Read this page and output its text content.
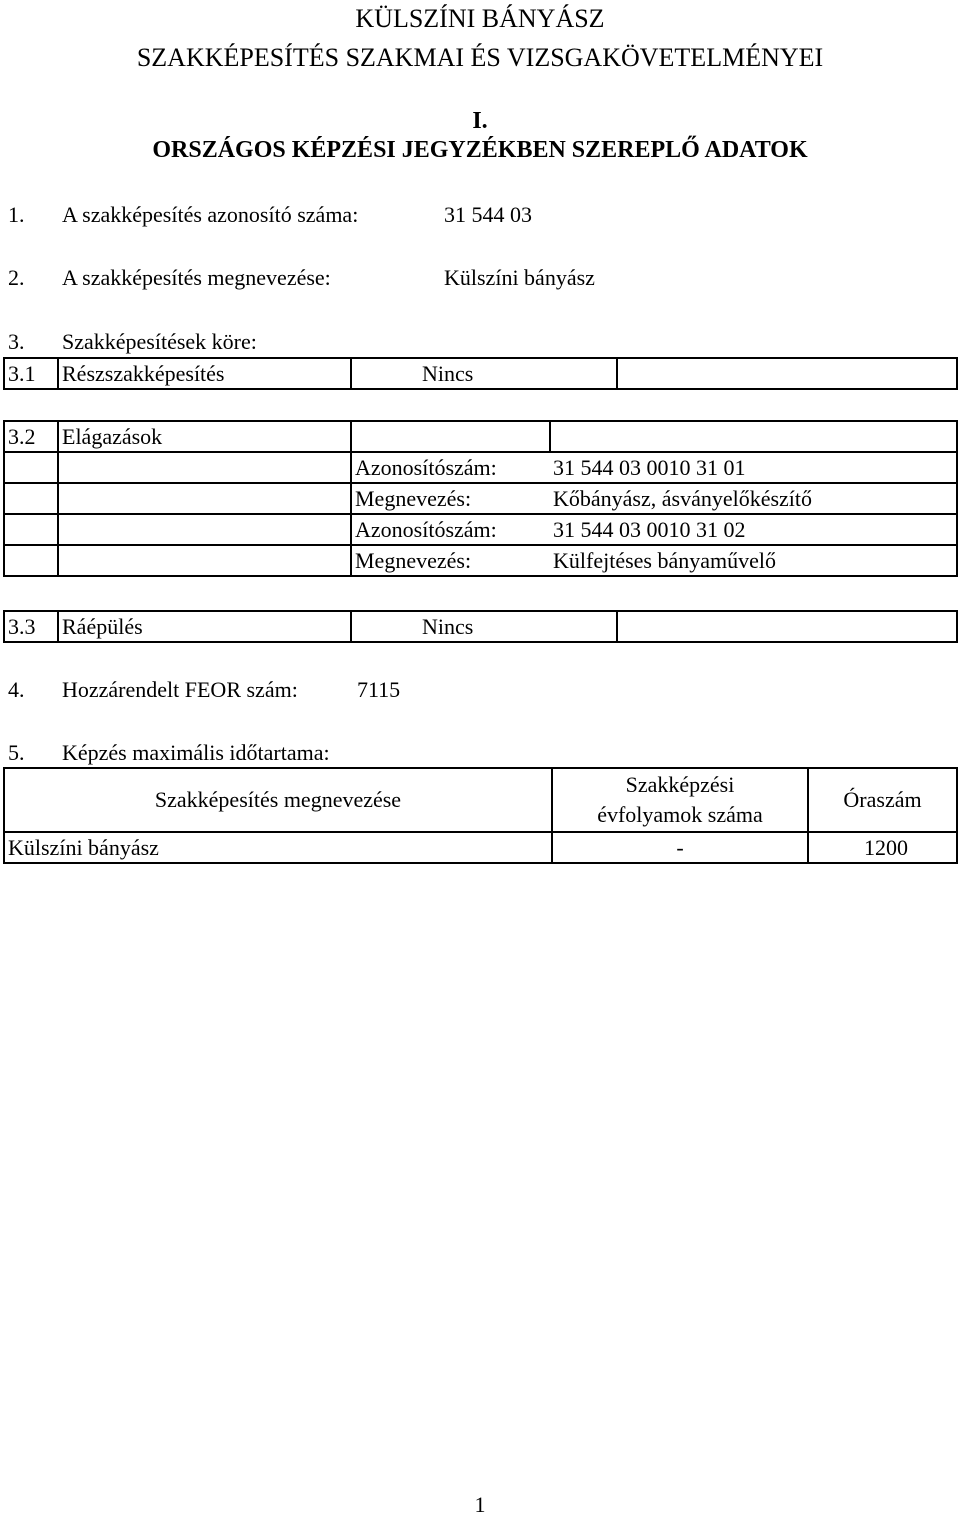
KÜLSZÍNI BÁNYÁSZ
SZAKKÉPESÍTÉS SZAKMAI ÉS VIZSGAKÖVETELMÉNYEI
I.
ORSZÁGOS KÉPZÉSI JEGYZÉKBEN SZEREPLŐ ADATOK
1. A szakképesítés azonosító száma:	31 544 03
2. A szakképesítés megnevezése:	Külszíni bányász
3. Szakképesítések köre:
3.1	Részszakképesítés	Nincs	
3.2	Elágazások		
		Azonosítószám:	31 544 03 0010 31 01
		Megnevezés:	Kőbányász, ásványelőkészítő
		Azonosítószám:	31 544 03 0010 31 02
		Megnevezés:	Külfejtéses bányaművelő
3.3	Ráépülés	Nincs	
4. Hozzárendelt FEOR szám:	7115
5. Képzés maximális időtartama:
Szakképesítés megnevezése	Szakképzési évfolyamok száma	Óraszám
Külszíni bányász	-	1200
1
